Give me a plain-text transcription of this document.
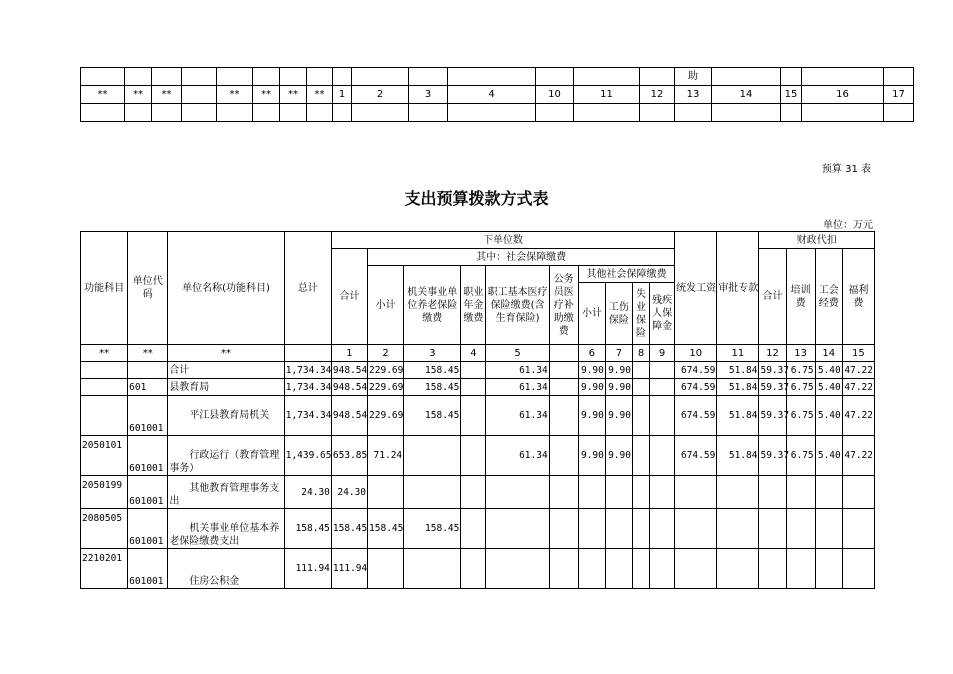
															助				
**	**	**		**	**	**	**	1	2	3	4	10	11	12	13	14	15	16	17

预算 31 表
支出预算拨款方式表
单位：万元
功能科目	单位代码	单位名称(功能科目)	总计	下单位数										统发工资	审批专款	财政代扣			
				合计	其中：社会保障缴费											合计	培训费	工会经费	福利费
					小计	机关事业单位养老保险缴费	职业年金缴费	职工基本医疗保险缴费(含生育保险)	公务员医疗补助缴费	其他社会保障缴费									
										小计	工伤保险	失业保险	残疾人保障金						
**	**	**		1	2	3	4	5		6	7	8	9	10	11	12	13	14	15
		合计	1,734.34	948.54	229.69	158.45		61.34		9.90	9.90			674.59	51.84	59.37	6.75	5.40	47.22
	601	县教育局	1,734.34	948.54	229.69	158.45		61.34		9.90	9.90			674.59	51.84	59.37	6.75	5.40	47.22
	601001	平江县教育局机关	1,734.34	948.54	229.69	158.45		61.34		9.90	9.90			674.59	51.84	59.37	6.75	5.40	47.22
2050101	601001	行政运行（教育管理事务）	1,439.65	653.85	71.24			61.34		9.90	9.90			674.59	51.84	59.37	6.75	5.40	47.22
2050199	601001	其他教育管理事务支出	24.30	24.30															
2080505	601001	机关事业单位基本养老保险缴费支出	158.45	158.45	158.45	158.45													
2210201	601001	住房公积金	111.94	111.94															
